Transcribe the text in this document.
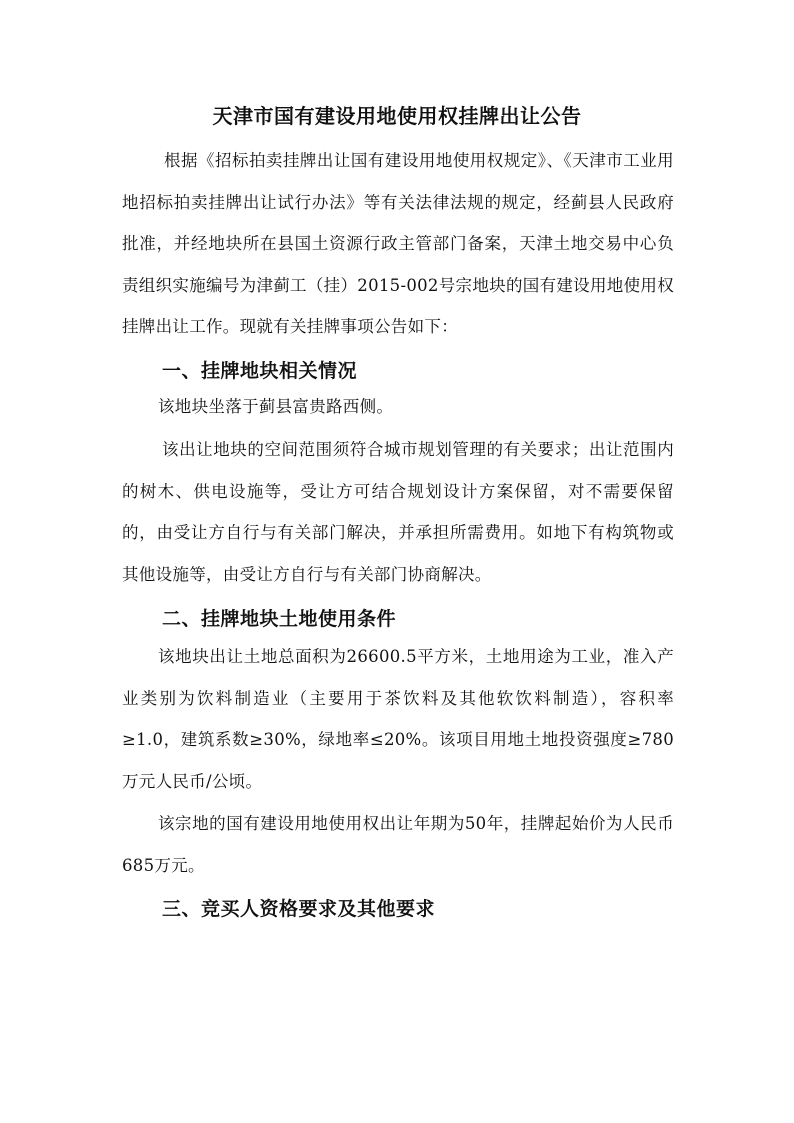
天津市国有建设用地使用权挂牌出让公告
根据《招标拍卖挂牌出让国有建设用地使用权规定》、《天津市工业用地招标拍卖挂牌出让试行办法》等有关法律法规的规定，经蓟县人民政府批准，并经地块所在县国土资源行政主管部门备案，天津土地交易中心负责组织实施编号为津蓟工（挂）2015-002号宗地块的国有建设用地使用权挂牌出让工作。现就有关挂牌事项公告如下：
一、挂牌地块相关情况
该地块坐落于蓟县富贵路西侧。
该出让地块的空间范围须符合城市规划管理的有关要求；出让范围内的树木、供电设施等，受让方可结合规划设计方案保留，对不需要保留的，由受让方自行与有关部门解决，并承担所需费用。如地下有构筑物或其他设施等，由受让方自行与有关部门协商解决。
二、挂牌地块土地使用条件
该地块出让土地总面积为26600.5平方米，土地用途为工业，准入产业类别为饮料制造业（主要用于茶饮料及其他软饮料制造），容积率≥1.0，建筑系数≥30%，绿地率≤20%。该项目用地土地投资强度≥780万元人民币/公顷。
该宗地的国有建设用地使用权出让年期为50年，挂牌起始价为人民币685万元。
三、竞买人资格要求及其他要求
